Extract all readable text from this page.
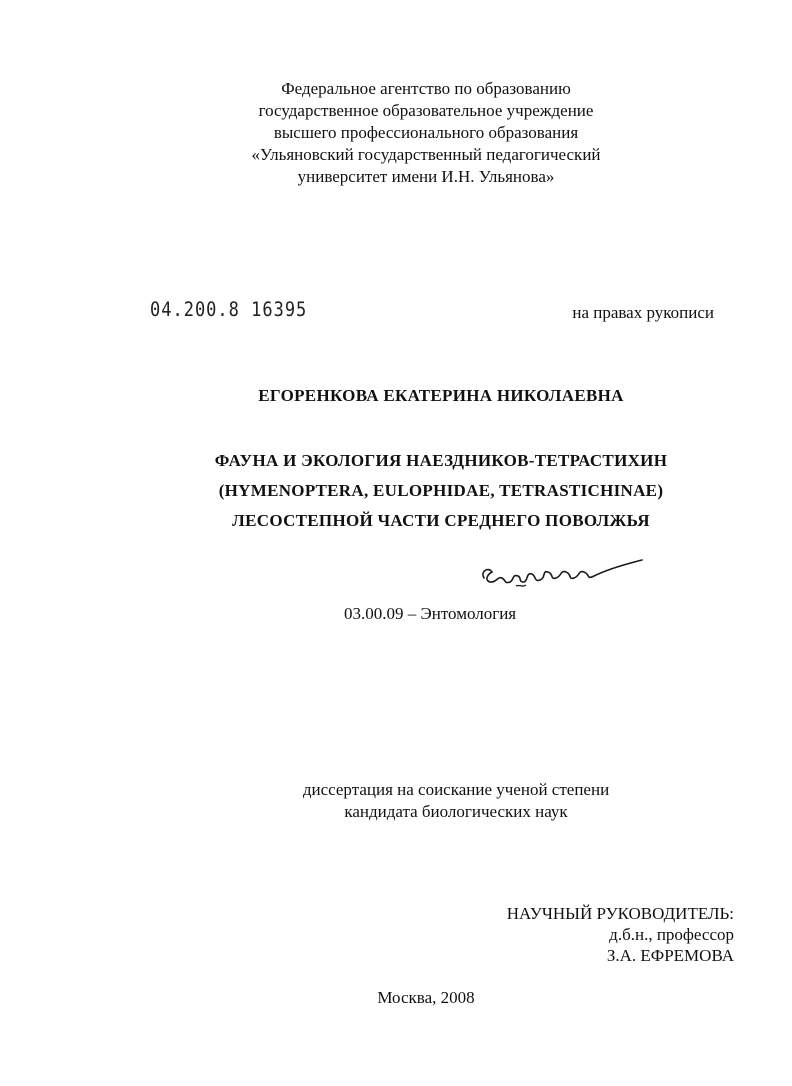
Федеральное агентство по образованию
государственное образовательное учреждение
высшего профессионального образования
«Ульяновский государственный педагогический
университет имени И.Н. Ульянова»
04.200.8 16395	на правах рукописи
ЕГОРЕНКОВА ЕКАТЕРИНА НИКОЛАЕВНА
ФАУНА И ЭКОЛОГИЯ НАЕЗДНИКОВ-ТЕТРАСТИХИН
(HYMENOPTERA, EULOPHIDAE, TETRASTICHINAE)
ЛЕСОСТЕПНОЙ ЧАСТИ СРЕДНЕГО ПОВОЛЖЬЯ
03.00.09 – Энтомология
диссертация на соискание ученой степени
кандидата биологических наук
НАУЧНЫЙ РУКОВОДИТЕЛЬ:
д.б.н., профессор
З.А. ЕФРЕМОВА
Москва, 2008
